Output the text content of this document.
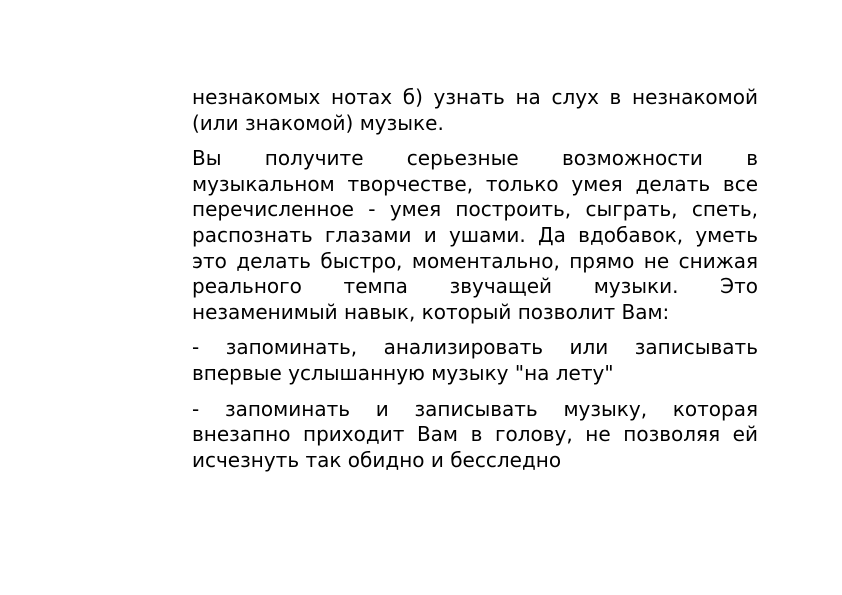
незнакомых нотах б) узнать на слух в незнакомой (или знакомой) музыке.

Вы получите серьезные возможности в музыкальном творчестве, только умея делать все перечисленное - умея построить, сыграть, спеть, распознать глазами и ушами. Да вдобавок, уметь это делать быстро, моментально, прямо не снижая реального темпа звучащей музыки. Это незаменимый навык, который позволит Вам:

- запоминать, анализировать или записывать впервые услышанную музыку "на лету"

- запоминать и записывать музыку, которая внезапно приходит Вам в голову, не позволяя ей исчезнуть так обидно и бесследно
